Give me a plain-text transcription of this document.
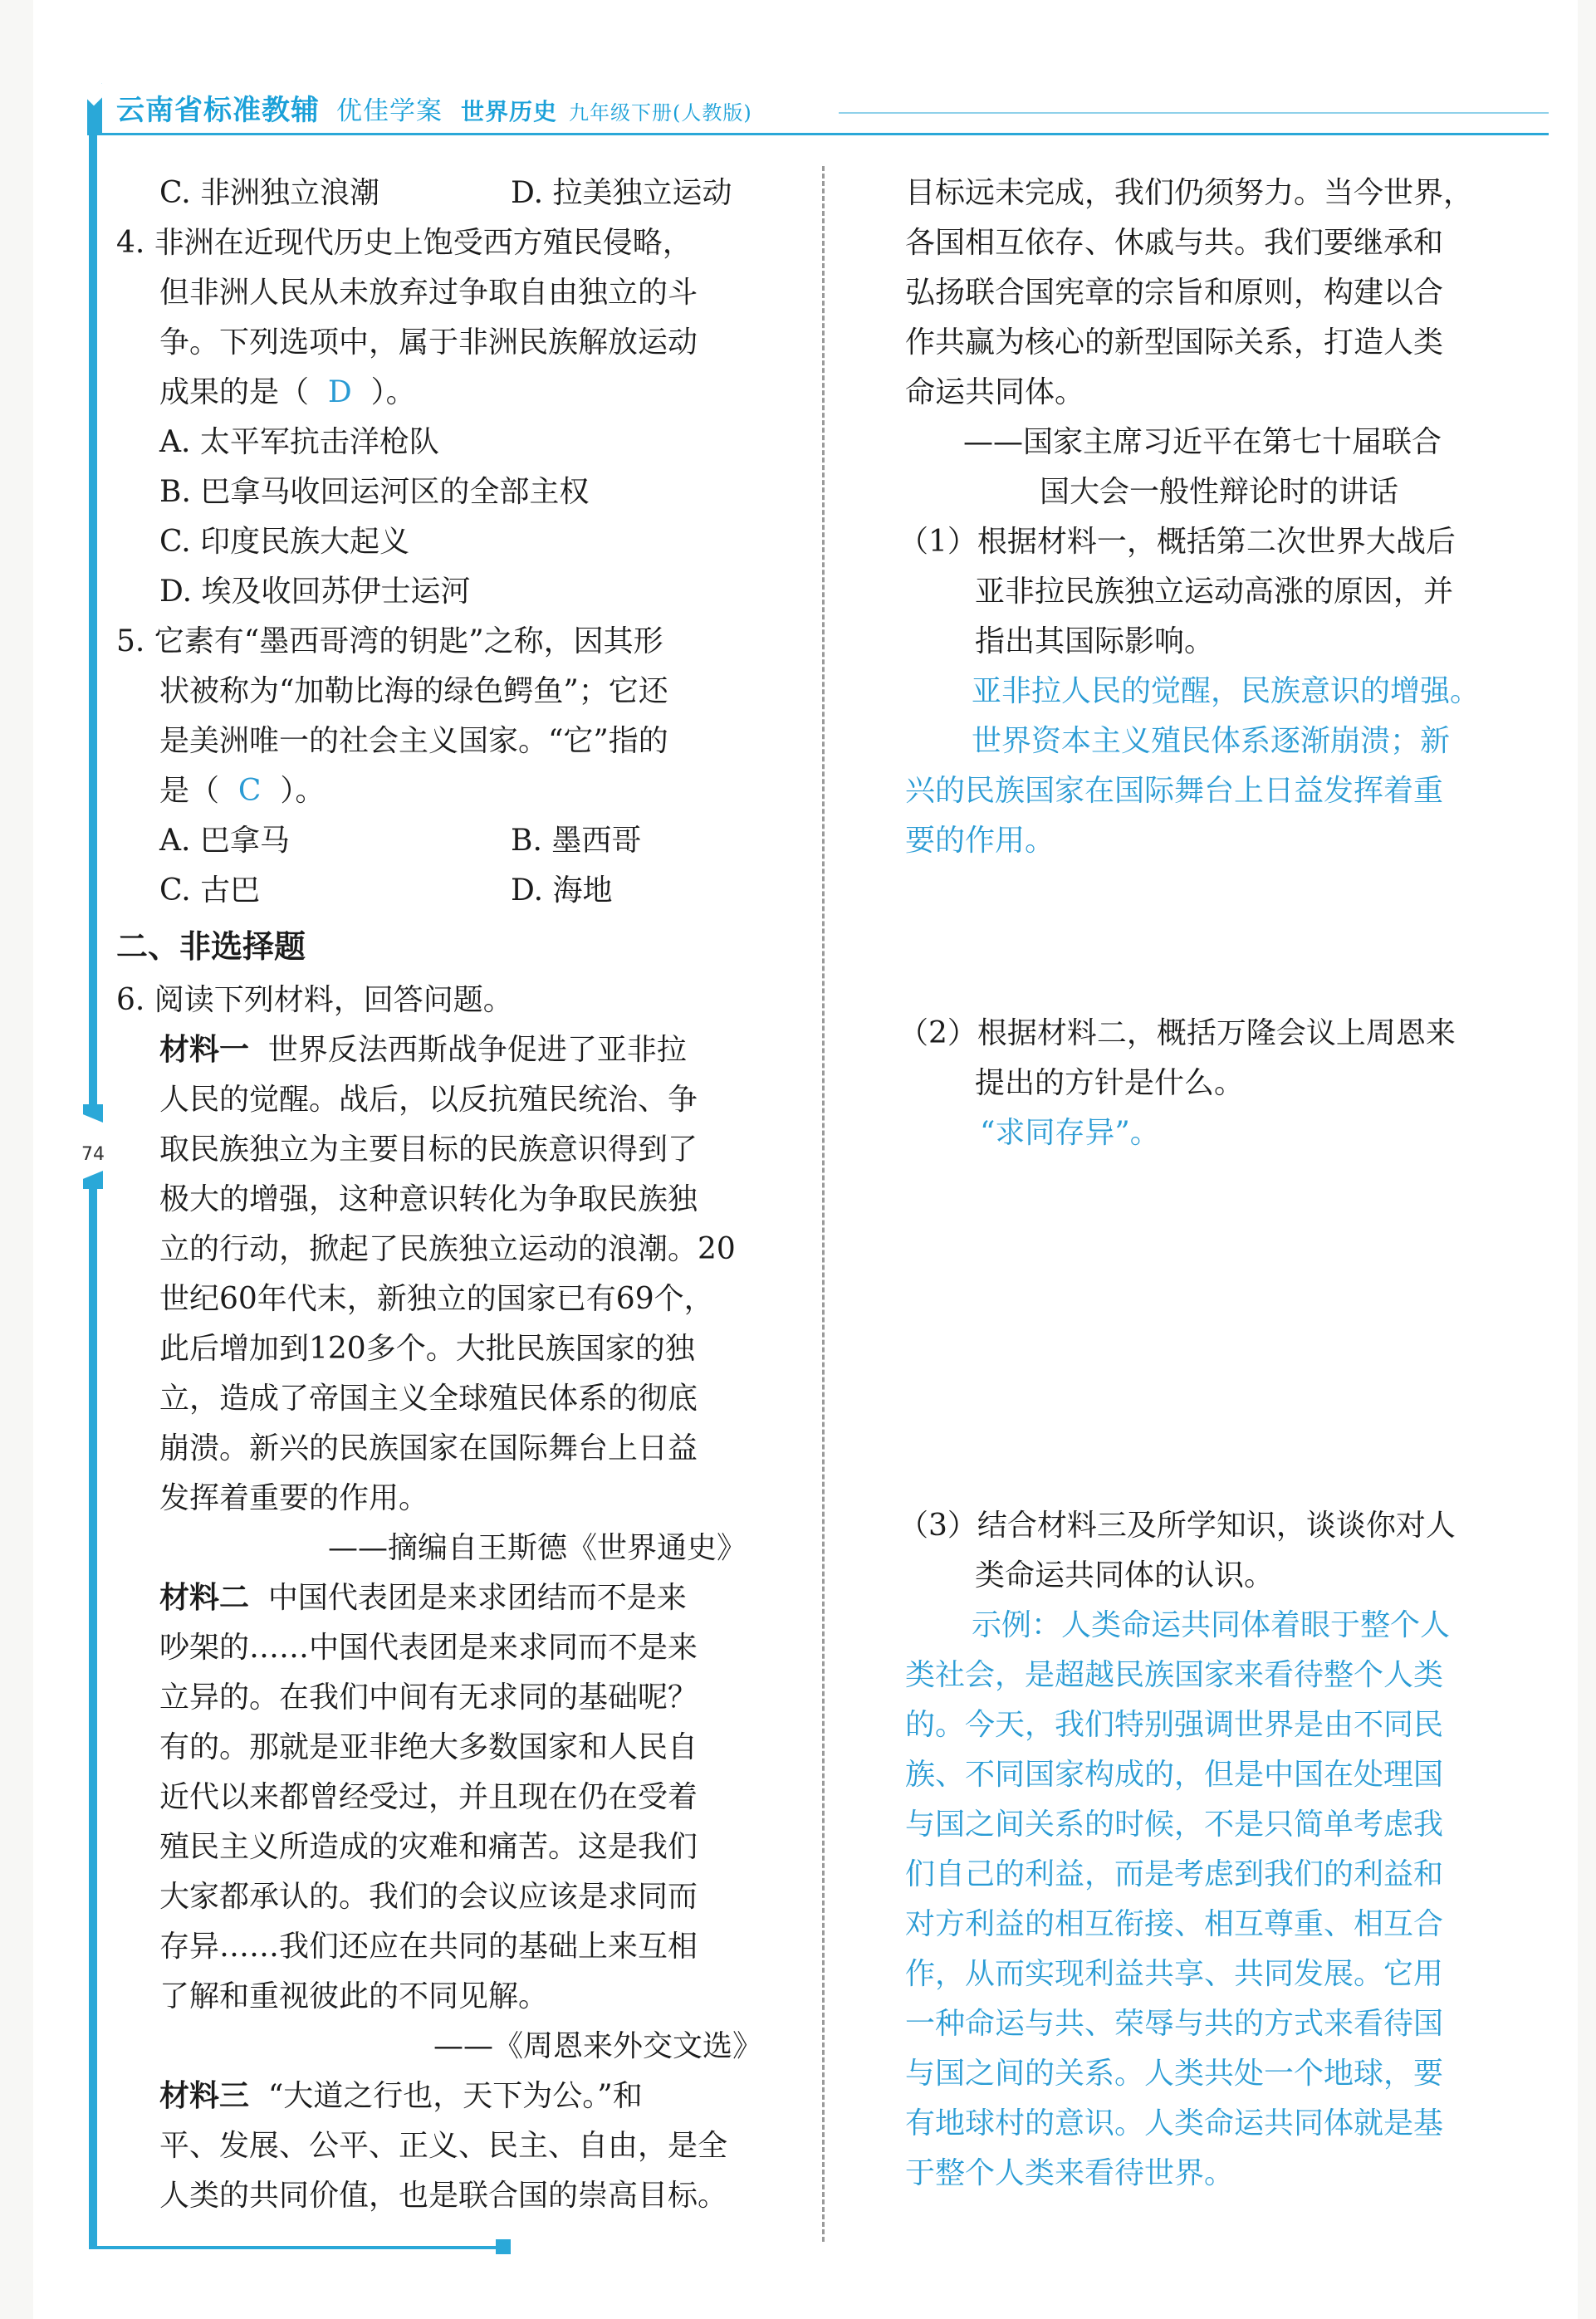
云南省标准教辅 优佳学案 世界历史 九年级下册(人教版)
74
C. 非洲独立浪潮	D. 拉美独立运动
4. 非洲在近现代历史上饱受西方殖民侵略，
但非洲人民从未放弃过争取自由独立的斗
争。下列选项中，属于非洲民族解放运动
成果的是（ D ）。
A. 太平军抗击洋枪队
B. 巴拿马收回运河区的全部主权
C. 印度民族大起义
D. 埃及收回苏伊士运河
5. 它素有“墨西哥湾的钥匙”之称，因其形
状被称为“加勒比海的绿色鳄鱼”；它还
是美洲唯一的社会主义国家。“它”指的
是（ C ）。
A. 巴拿马	B. 墨西哥
C. 古巴	D. 海地
二、非选择题
6. 阅读下列材料，回答问题。
材料一 世界反法西斯战争促进了亚非拉
人民的觉醒。战后，以反抗殖民统治、争
取民族独立为主要目标的民族意识得到了
极大的增强，这种意识转化为争取民族独
立的行动，掀起了民族独立运动的浪潮。20
世纪60年代末，新独立的国家已有69个，
此后增加到120多个。大批民族国家的独
立，造成了帝国主义全球殖民体系的彻底
崩溃。新兴的民族国家在国际舞台上日益
发挥着重要的作用。
——摘编自王斯德《世界通史》
材料二 中国代表团是来求团结而不是来
吵架的……中国代表团是来求同而不是来
立异的。在我们中间有无求同的基础呢？
有的。那就是亚非绝大多数国家和人民自
近代以来都曾经受过，并且现在仍在受着
殖民主义所造成的灾难和痛苦。这是我们
大家都承认的。我们的会议应该是求同而
存异……我们还应在共同的基础上来互相
了解和重视彼此的不同见解。
——《周恩来外交文选》
材料三 “大道之行也，天下为公。”和
平、发展、公平、正义、民主、自由，是全
人类的共同价值，也是联合国的崇高目标。
目标远未完成，我们仍须努力。当今世界，
各国相互依存、休戚与共。我们要继承和
弘扬联合国宪章的宗旨和原则，构建以合
作共赢为核心的新型国际关系，打造人类
命运共同体。
——国家主席习近平在第七十届联合
国大会一般性辩论时的讲话
（1）根据材料一，概括第二次世界大战后
亚非拉民族独立运动高涨的原因，并
指出其国际影响。
亚非拉人民的觉醒，民族意识的增强。
世界资本主义殖民体系逐渐崩溃；新
兴的民族国家在国际舞台上日益发挥着重
要的作用。
（2）根据材料二，概括万隆会议上周恩来
提出的方针是什么。
“求同存异”。
（3）结合材料三及所学知识，谈谈你对人
类命运共同体的认识。
示例：人类命运共同体着眼于整个人
类社会，是超越民族国家来看待整个人类
的。今天，我们特别强调世界是由不同民
族、不同国家构成的，但是中国在处理国
与国之间关系的时候，不是只简单考虑我
们自己的利益，而是考虑到我们的利益和
对方利益的相互衔接、相互尊重、相互合
作，从而实现利益共享、共同发展。它用
一种命运与共、荣辱与共的方式来看待国
与国之间的关系。人类共处一个地球，要
有地球村的意识。人类命运共同体就是基
于整个人类来看待世界。
